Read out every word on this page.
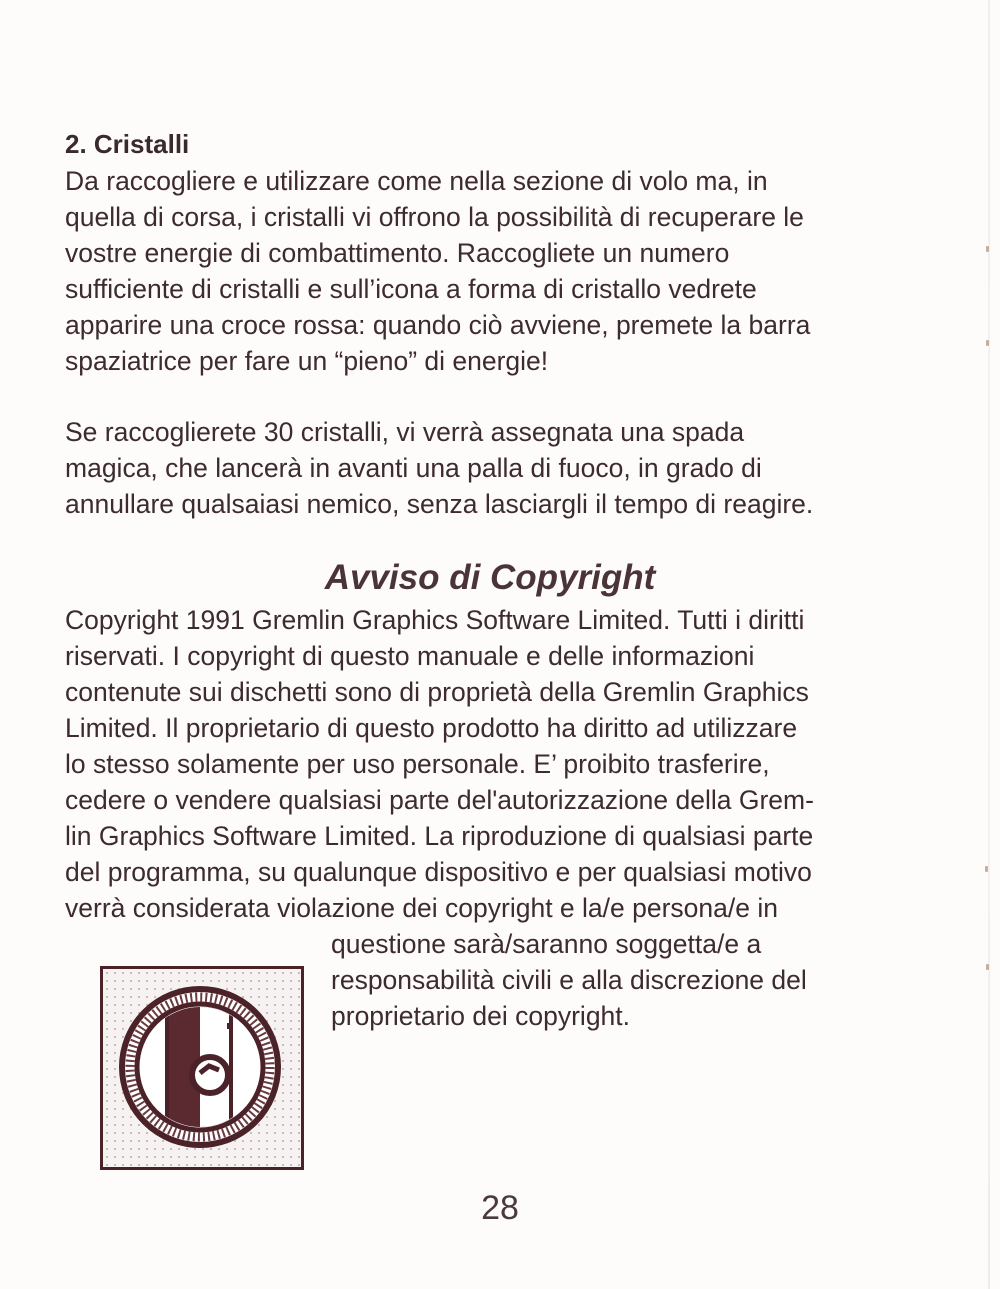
2. Cristalli
Da raccogliere e utilizzare come nella sezione di volo ma, in
quella di corsa, i cristalli vi offrono la possibilità di recuperare le
vostre energie di combattimento. Raccogliete un numero
sufficiente di cristalli e sull’icona a forma di cristallo vedrete
apparire una croce rossa: quando ciò avviene, premete la barra
spaziatrice per fare un “pieno” di energie!
Se raccoglierete 30 cristalli, vi verrà assegnata una spada
magica, che lancerà in avanti una palla di fuoco, in grado di
annullare qualsaiasi nemico, senza lasciargli il tempo di reagire.
Avviso di Copyright
Copyright 1991 Gremlin Graphics Software Limited. Tutti i diritti
riservati. I copyright di questo manuale e delle informazioni
contenute sui dischetti sono di proprietà della Gremlin Graphics
Limited. Il proprietario di questo prodotto ha diritto ad utilizzare
lo stesso solamente per uso personale. E’ proibito trasferire,
cedere o vendere qualsiasi parte del'autorizzazione della Grem-
lin Graphics Software Limited. La riproduzione di qualsiasi parte
del programma, su qualunque dispositivo e per qualsiasi motivo
verrà considerata violazione dei copyright e la/e persona/e in
questione sarà/saranno soggetta/e a
responsabilità civili e alla discrezione del
proprietario dei copyright.
28
